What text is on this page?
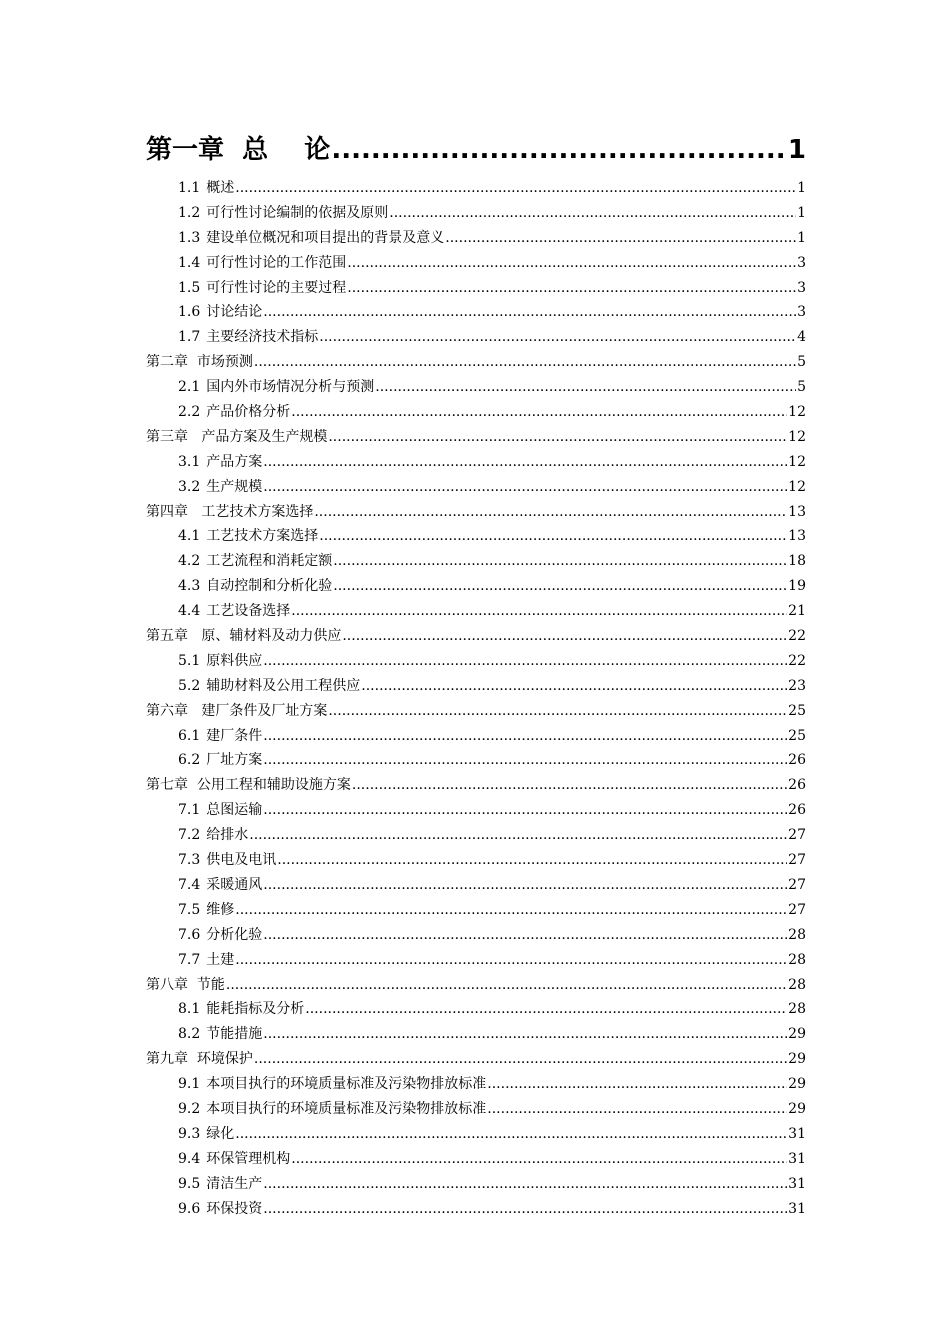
第一章  总    论 .....	1
1.1 概述 .....	1
1.2 可行性讨论编制的依据及原则 .....	1
1.3 建设单位概况和项目提出的背景及意义 .....	1
1.4 可行性讨论的工作范围 .....	3
1.5 可行性讨论的主要过程 .....	3
1.6 讨论结论 .....	3
1.7 主要经济技术指标 .....	4
第二章  市场预测 .....	5
2.1 国内外市场情况分析与预测 .....	5
2.2 产品价格分析 .....	12
第三章   产品方案及生产规模 .....	12
3.1 产品方案 .....	12
3.2 生产规模 .....	12
第四章   工艺技术方案选择 .....	13
4.1 工艺技术方案选择 .....	13
4.2 工艺流程和消耗定额 .....	18
4.3 自动控制和分析化验 .....	19
4.4 工艺设备选择 .....	21
第五章   原、辅材料及动力供应 .....	22
5.1 原料供应 .....	22
5.2 辅助材料及公用工程供应 .....	23
第六章   建厂条件及厂址方案 .....	25
6.1 建厂条件 .....	25
6.2 厂址方案 .....	26
第七章  公用工程和辅助设施方案 .....	26
7.1 总图运输 .....	26
7.2 给排水 .....	27
7.3 供电及电讯 .....	27
7.4 采暖通风 .....	27
7.5 维修 .....	27
7.6 分析化验 .....	28
7.7 土建 .....	28
第八章  节能 .....	28
8.1 能耗指标及分析 .....	28
8.2 节能措施 .....	29
第九章  环境保护 .....	29
9.1 本项目执行的环境质量标准及污染物排放标准 .....	29
9.2 本项目执行的环境质量标准及污染物排放标准 .....	29
9.3 绿化 .....	31
9.4 环保管理机构 .....	31
9.5 清洁生产 .....	31
9.6 环保投资 .....	31
